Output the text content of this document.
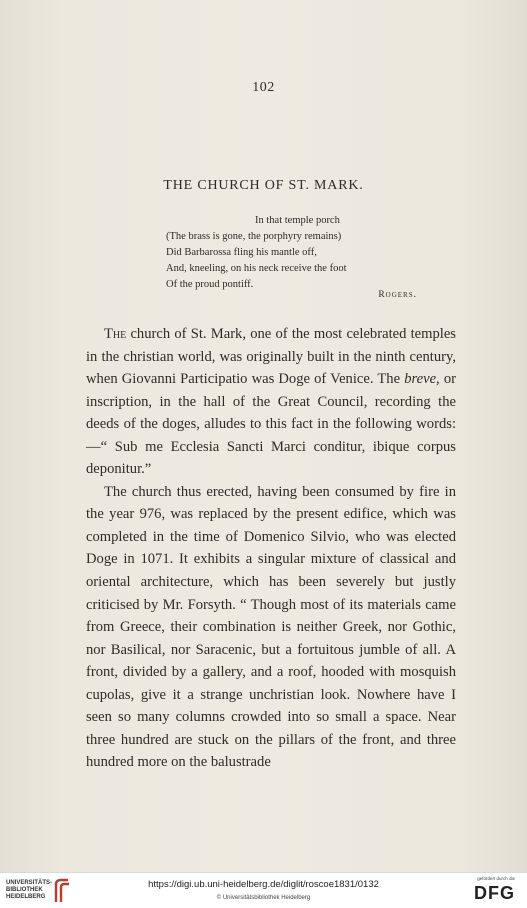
102
THE CHURCH OF ST. MARK.
In that temple porch
(The brass is gone, the porphyry remains)
Did Barbarossa fling his mantle off,
And, kneeling, on his neck receive the foot
Of the proud pontiff.
Rogers.

The church of St. Mark, one of the most celebrated temples in the christian world, was originally built in the ninth century, when Giovanni Participatio was Doge of Venice. The breve, or inscription, in the hall of the Great Council, recording the deeds of the doges, alludes to this fact in the following words:—“ Sub me Ecclesia Sancti Marci conditur, ibique corpus deponitur.”

The church thus erected, having been consumed by fire in the year 976, was replaced by the present edifice, which was completed in the time of Domenico Silvio, who was elected Doge in 1071. It exhibits a singular mixture of classical and oriental architecture, which has been severely but justly criticised by Mr. Forsyth. “ Though most of its materials came from Greece, their combination is neither Greek, nor Gothic, nor Basilical, nor Saracenic, but a fortuitous jumble of all. A front, divided by a gallery, and a roof, hooded with mosquish cupolas, give it a strange unchristian look. Nowhere have I seen so many columns crowded into so small a space. Near three hundred are stuck on the pillars of the front, and three hundred more on the balustrade

UNIVERSITÄTS-
BIBLIOTHEK
HEIDELBERG
https://digi.ub.uni-heidelberg.de/diglit/roscoe1831/0132
© Universitätsbibliothek Heidelberg
gefördert durch die
DFG
